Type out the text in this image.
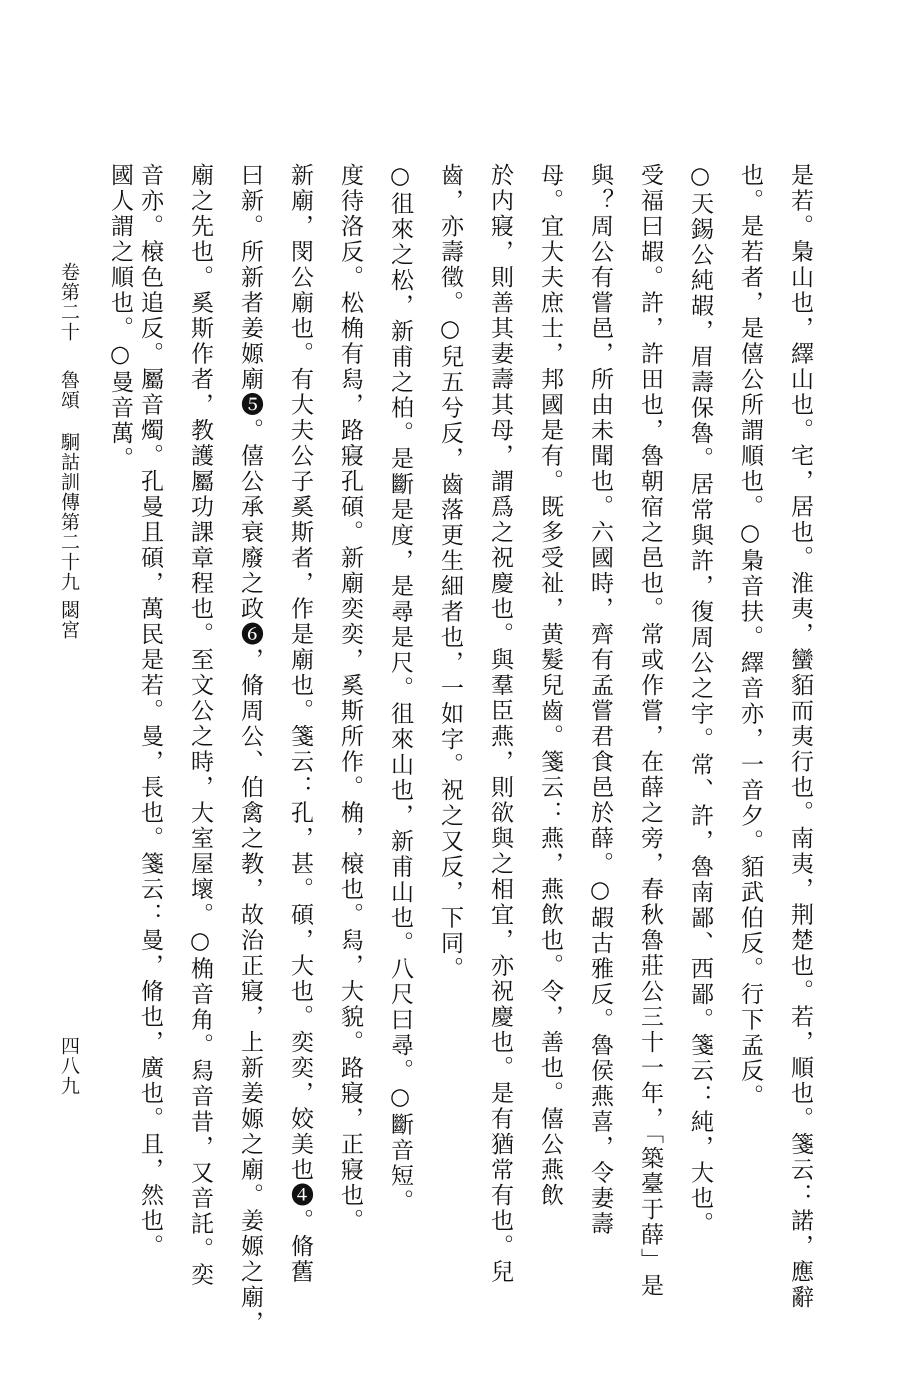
是若。梟山也，繹山也。宅，居也。淮夷，蠻貊而夷行也。南夷，荆楚也。若，順也。箋云：諾，應辭
也。是若者，是僖公所謂順也。○梟音扶。繹音亦，一音夕。貊武伯反。行下孟反。
○天錫公純嘏，眉壽保魯。居常與許，復周公之宇。常、許，魯南鄙、西鄙。箋云：純，大也。
受福曰嘏。許，許田也，魯朝宿之邑也。常或作嘗，在薛之旁，春秋魯莊公三十一年，「築臺于薛」是
與？周公有嘗邑，所由未聞也。六國時，齊有孟嘗君食邑於薛。○嘏古雅反。魯侯燕喜，令妻壽
母。宜大夫庶士，邦國是有。既多受祉，黄髮兒齒。箋云：燕，燕飲也。令，善也。僖公燕飲
於内寢，則善其妻壽其母，謂爲之祝慶也。與羣臣燕，則欲與之相宜，亦祝慶也。是有猶常有也。兒
齒，亦壽徵。○兒五兮反，齒落更生細者也，一如字。祝之又反，下同。
○徂來之松，新甫之柏。是斷是度，是尋是尺。徂來山也，新甫山也。八尺曰尋。○斷音短。
度待洛反。松桷有舄，路寢孔碩。新廟奕奕，奚斯所作。桷，榱也。舄，大貌。路寢，正寢也。
新廟，閔公廟也。有大夫公子奚斯者，作是廟也。箋云：孔，甚。碩，大也。奕奕，姣美也❹。脩舊
曰新。所新者姜嫄廟❺。僖公承衰廢之政❻，脩周公、伯禽之教，故治正寢，上新姜嫄之廟。姜嫄之廟，
廟之先也。奚斯作者，教護屬功課章程也。至文公之時，大室屋壞。○桷音角。舄音昔，又音託。奕
音亦。榱色追反。屬音燭。孔曼且碩，萬民是若。曼，長也。箋云：曼，脩也，廣也。且，然也。
國人謂之順也。○曼音萬。
卷第二十
魯頌
駉詁訓傳第二十九
閟宮
四八九
